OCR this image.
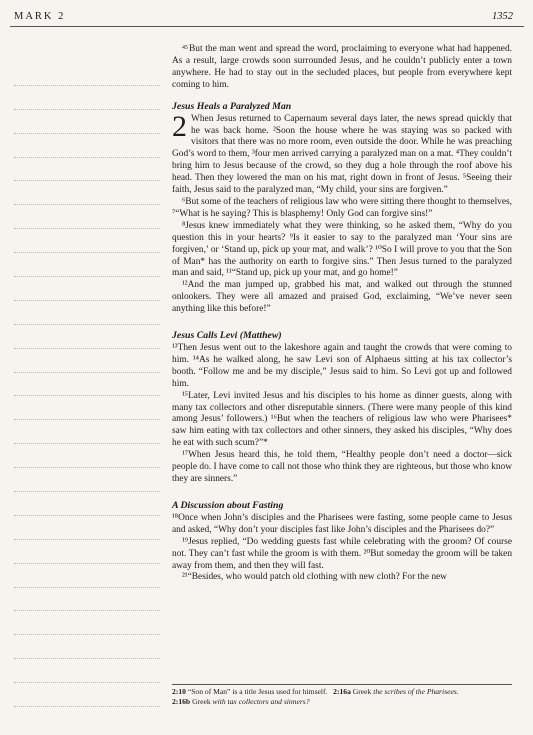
MARK 2	1352

$^{45}$But the man went and spread the word, proclaiming to everyone what had happened. As a result, large crowds soon surrounded Jesus, and he couldn’t publicly enter a town anywhere. He had to stay out in the secluded places, but people from everywhere kept coming to him.

Jesus Heals a Paralyzed Man

2 When Jesus returned to Capernaum several days later, the news spread quickly that he was back home. ²Soon the house where he was staying was so packed with visitors that there was no more room, even outside the door. While he was preaching God’s word to them, ³four men arrived carrying a paralyzed man on a mat. ⁴They couldn’t bring him to Jesus because of the crowd, so they dug a hole through the roof above his head. Then they lowered the man on his mat, right down in front of Jesus. ⁵Seeing their faith, Jesus said to the paralyzed man, “My child, your sins are forgiven.”

⁶But some of the teachers of religious law who were sitting there thought to themselves, ⁷“What is he saying? This is blasphemy! Only God can forgive sins!”

⁸Jesus knew immediately what they were thinking, so he asked them, “Why do you question this in your hearts? ⁹Is it easier to say to the paralyzed man ‘Your sins are forgiven,’ or ‘Stand up, pick up your mat, and walk’? ¹⁰So I will prove to you that the Son of Man* has the authority on earth to forgive sins.” Then Jesus turned to the paralyzed man and said, ¹¹“Stand up, pick up your mat, and go home!”

¹²And the man jumped up, grabbed his mat, and walked out through the stunned onlookers. They were all amazed and praised God, exclaiming, “We’ve never seen anything like this before!”

Jesus Calls Levi (Matthew)

¹³Then Jesus went out to the lakeshore again and taught the crowds that were coming to him. ¹⁴As he walked along, he saw Levi son of Alphaeus sitting at his tax collector’s booth. “Follow me and be my disciple,” Jesus said to him. So Levi got up and followed him.

¹⁵Later, Levi invited Jesus and his disciples to his home as dinner guests, along with many tax collectors and other disreputable sinners. (There were many people of this kind among Jesus’ followers.) ¹⁶But when the teachers of religious law who were Pharisees* saw him eating with tax collectors and other sinners, they asked his disciples, “Why does he eat with such scum?”*

¹⁷When Jesus heard this, he told them, “Healthy people don’t need a doctor—sick people do. I have come to call not those who think they are righteous, but those who know they are sinners.”

A Discussion about Fasting

¹⁸Once when John’s disciples and the Pharisees were fasting, some people came to Jesus and asked, “Why don’t your disciples fast like John’s disciples and the Pharisees do?”

¹⁹Jesus replied, “Do wedding guests fast while celebrating with the groom? Of course not. They can’t fast while the groom is with them. ²⁰But someday the groom will be taken away from them, and then they will fast.

²¹“Besides, who would patch old clothing with new cloth? For the new

2:10 “Son of Man” is a title Jesus used for himself. 2:16a Greek the scribes of the Pharisees.
2:16b Greek with tax collectors and sinners?
